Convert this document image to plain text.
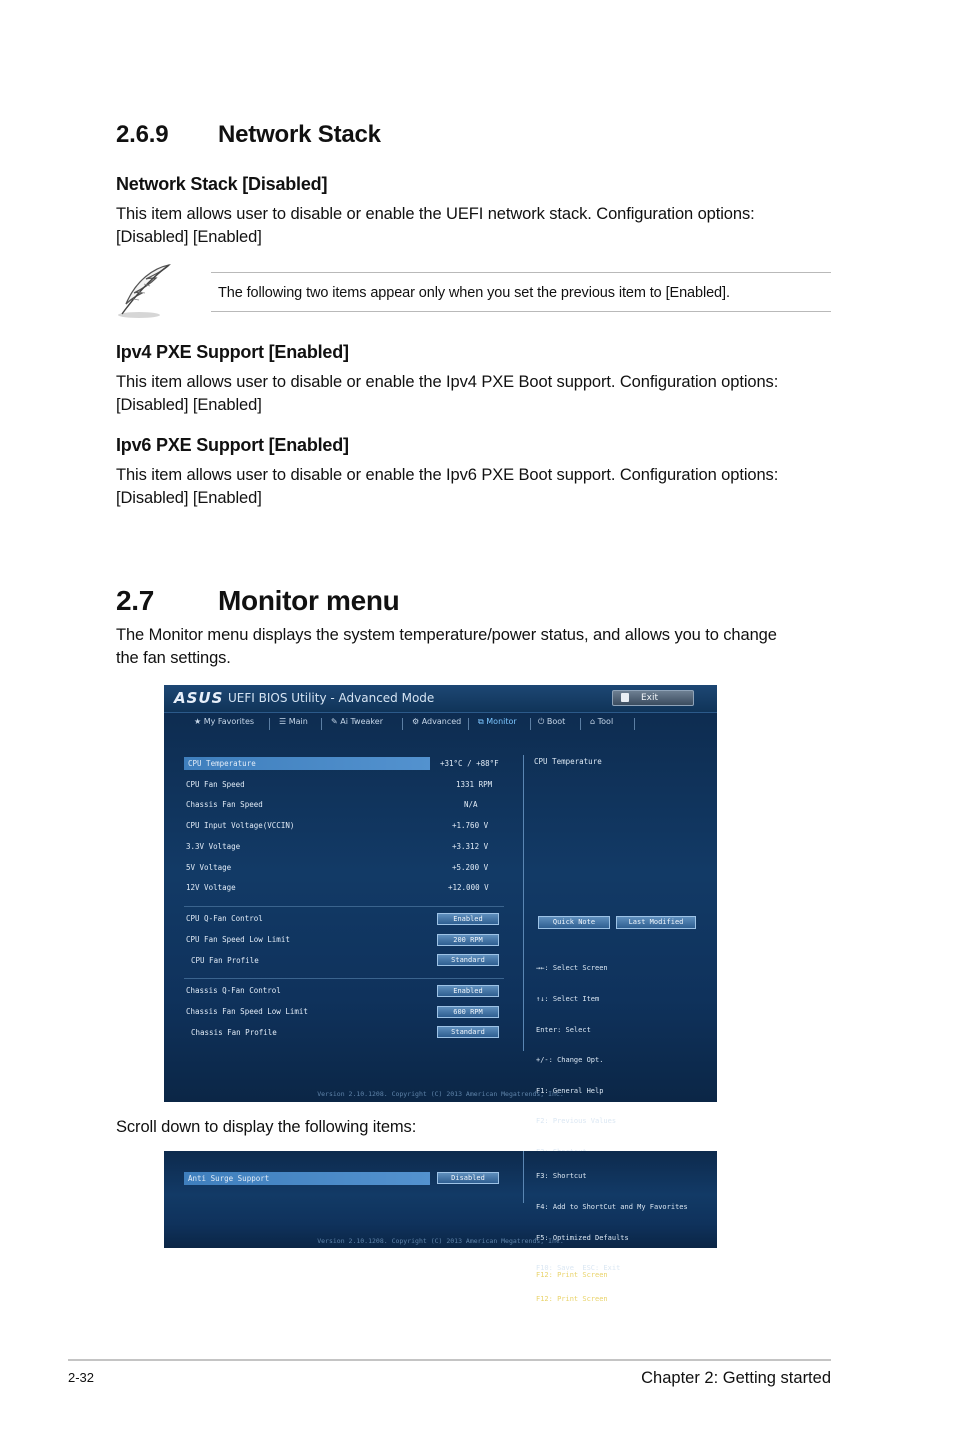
2.6.9 Network Stack
Network Stack [Disabled]
This item allows user to disable or enable the UEFI network stack. Configuration options:
[Disabled] [Enabled]
The following two items appear only when you set the previous item to [Enabled].
Ipv4 PXE Support [Enabled]
This item allows user to disable or enable the Ipv4 PXE Boot support. Configuration options:
[Disabled] [Enabled]
Ipv6 PXE Support [Enabled]
This item allows user to disable or enable the Ipv6 PXE Boot support. Configuration options:
[Disabled] [Enabled]
2.7 Monitor menu
The Monitor menu displays the system temperature/power status, and allows you to change
the fan settings.
ASUS UEFI BIOS Utility - Advanced Mode	Exit
★ My Favorites	☰ Main	✎ Ai Tweaker	⚙ Advanced ⧉ Monitor	⏻ Boot	⌂ Tool
CPU Temperature	+31°C / +88°F
CPU Fan Speed	1331 RPM
Chassis Fan Speed	N/A
CPU Input Voltage(VCCIN)	+1.760 V
3.3V Voltage	+3.312 V
5V Voltage	+5.200 V
12V Voltage	+12.000 V
CPU Q-Fan Control	Enabled
CPU Fan Speed Low Limit	200 RPM
CPU Fan Profile	Standard
Chassis Q-Fan Control	Enabled
Chassis Fan Speed Low Limit	600 RPM
Chassis Fan Profile	Standard
CPU Temperature
Quick Note	Last Modified

→←: Select Screen

↑↓: Select Item

Enter: Select

+/-: Change Opt.

F1: General Help

F2: Previous Values

F12: Print Screen

Version 2.10.1208. Copyright (C) 2013 American Megatrends, Inc.
Scroll down to display the following items:
Anti Surge Support	Disabled

	F3: Shortcut

F4: Add to ShortCut and My Favorites

F5: Optimized Defaults

F10: Save  ESC: Exit

F12: Print Screen

Version 2.10.1208. Copyright (C) 2013 American Megatrends, Inc.
2-32	Chapter 2: Getting started
